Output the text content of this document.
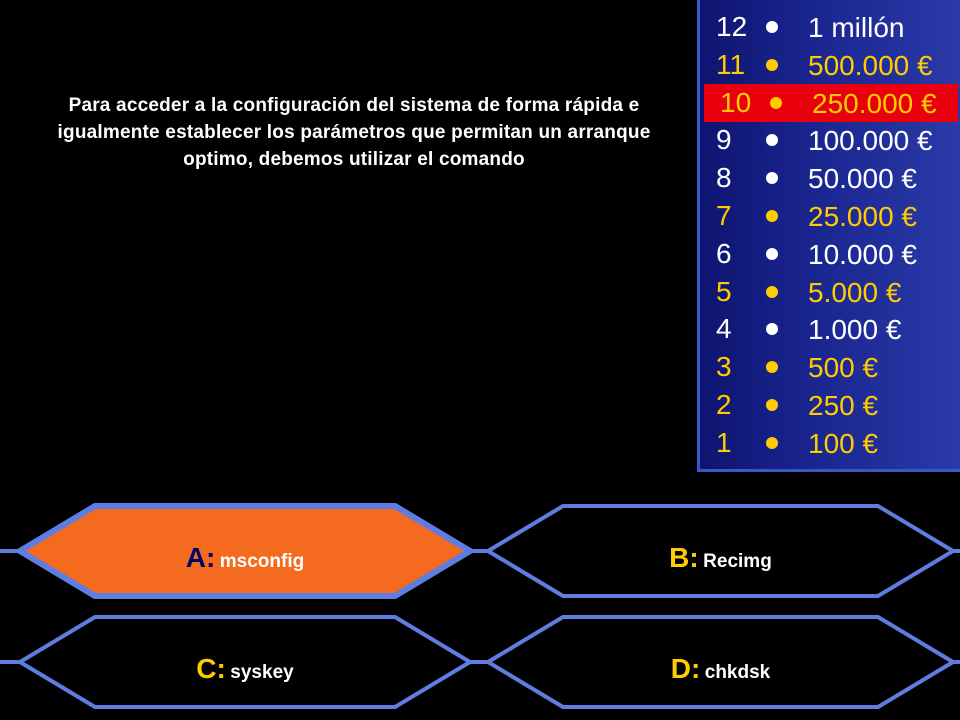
Para acceder a la configuración del sistema de forma rápida e igualmente establecer los parámetros que permitan un arranque optimo, debemos utilizar el comando
12 1 millón
11 500.000 €
10 250.000 €
9	100.000 €
8	50.000 €
7	25.000 €
6	10.000 €
5	5.000 €
4	1.000 €
3	500 €
2	250 €
1	100 €
A: msconfig	B: Recimg
C: syskey	D: chkdsk
